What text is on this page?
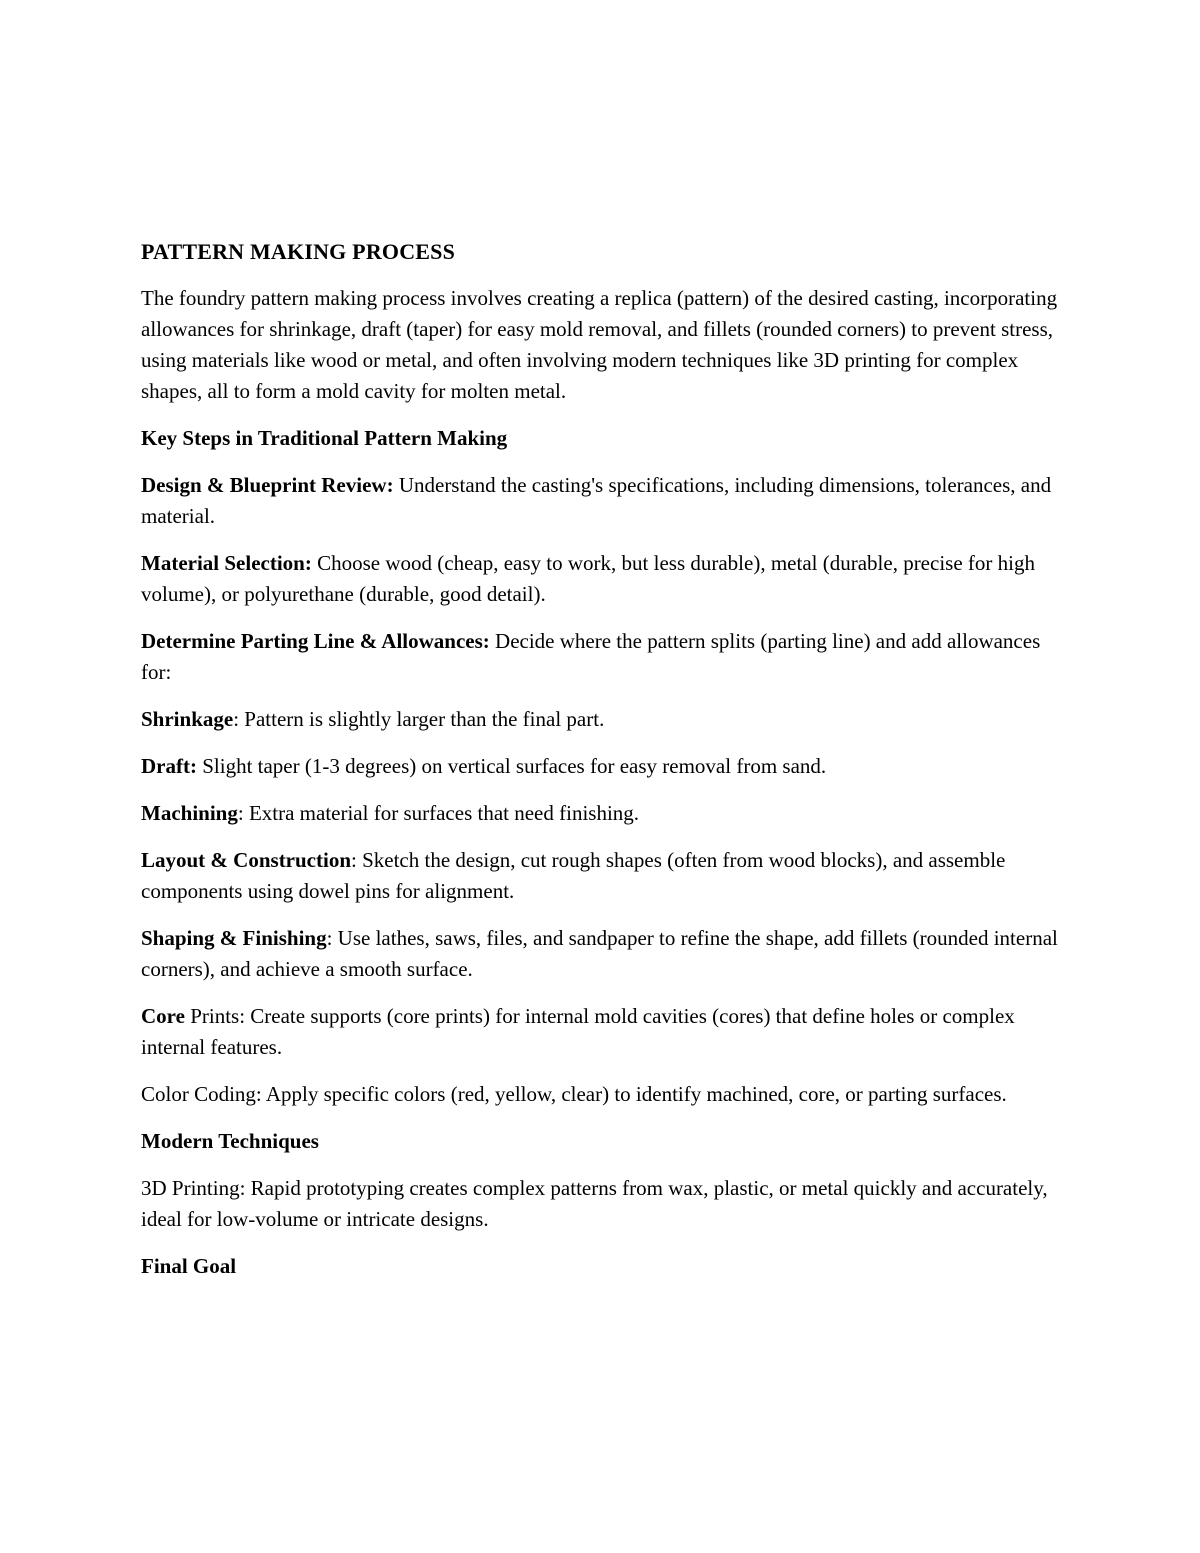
PATTERN MAKING PROCESS

The foundry pattern making process involves creating a replica (pattern) of the desired casting, incorporating allowances for shrinkage, draft (taper) for easy mold removal, and fillets (rounded corners) to prevent stress, using materials like wood or metal, and often involving modern techniques like 3D printing for complex shapes, all to form a mold cavity for molten metal.

Key Steps in Traditional Pattern Making

Design & Blueprint Review: Understand the casting's specifications, including dimensions, tolerances, and material.

Material Selection: Choose wood (cheap, easy to work, but less durable), metal (durable, precise for high volume), or polyurethane (durable, good detail).

Determine Parting Line & Allowances: Decide where the pattern splits (parting line) and add allowances for:

Shrinkage: Pattern is slightly larger than the final part.

Draft: Slight taper (1-3 degrees) on vertical surfaces for easy removal from sand.

Machining: Extra material for surfaces that need finishing.

Layout & Construction: Sketch the design, cut rough shapes (often from wood blocks), and assemble components using dowel pins for alignment.

Shaping & Finishing: Use lathes, saws, files, and sandpaper to refine the shape, add fillets (rounded internal corners), and achieve a smooth surface.

Core Prints: Create supports (core prints) for internal mold cavities (cores) that define holes or complex internal features.

Color Coding: Apply specific colors (red, yellow, clear) to identify machined, core, or parting surfaces.

Modern Techniques

3D Printing: Rapid prototyping creates complex patterns from wax, plastic, or metal quickly and accurately, ideal for low-volume or intricate designs.

Final Goal
